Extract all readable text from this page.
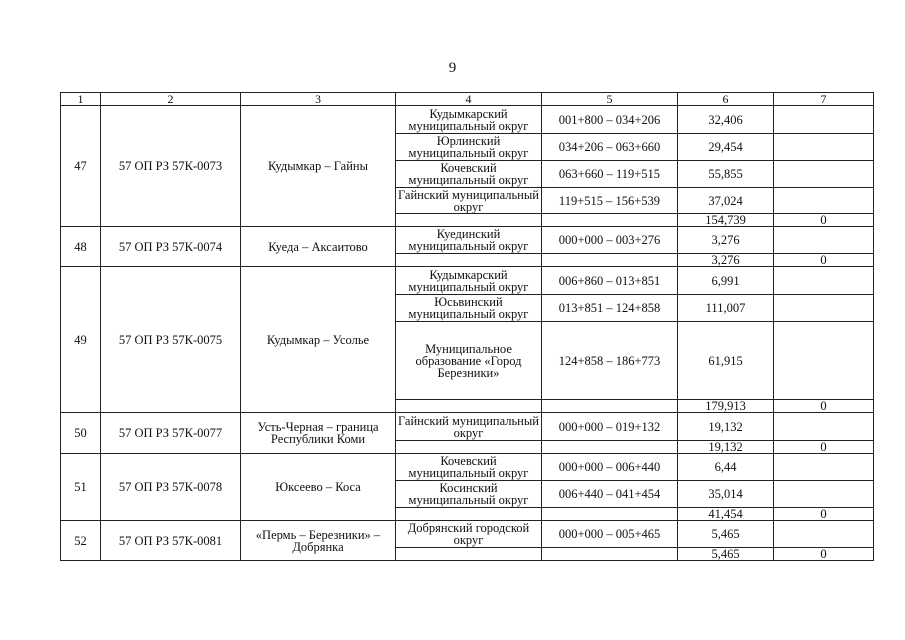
9
1	2	3	4	5	6	7
47	57 ОП РЗ 57К-0073	Кудымкар – Гайны	Кудымкарский муниципальный округ	001+800 – 034+206	32,406	
			Юрлинский муниципальный округ	034+206 – 063+660	29,454	
			Кочевский муниципальный округ	063+660 – 119+515	55,855	
			Гайнский муниципальный округ	119+515 – 156+539	37,024	
					154,739	0
48	57 ОП РЗ 57К-0074	Куеда – Аксаитово	Куединский муниципальный округ	000+000 – 003+276	3,276	
					3,276	0
49	57 ОП РЗ 57К-0075	Кудымкар – Усолье	Кудымкарский муниципальный округ	006+860 – 013+851	6,991	
			Юсьвинский муниципальный округ	013+851 – 124+858	111,007	
			Муниципальное образование «Город Березники»	124+858 – 186+773	61,915	
					179,913	0
50	57 ОП РЗ 57К-0077	Усть-Черная – граница Республики Коми	Гайнский муниципальный округ	000+000 – 019+132	19,132	
					19,132	0
51	57 ОП РЗ 57К-0078	Юксеево – Коса	Кочевский муниципальный округ	000+000 – 006+440	6,44	
			Косинский муниципальный округ	006+440 – 041+454	35,014	
					41,454	0
52	57 ОП РЗ 57К-0081	«Пермь – Березники» – Добрянка	Добрянский городской округ	000+000 – 005+465	5,465	
					5,465	0
